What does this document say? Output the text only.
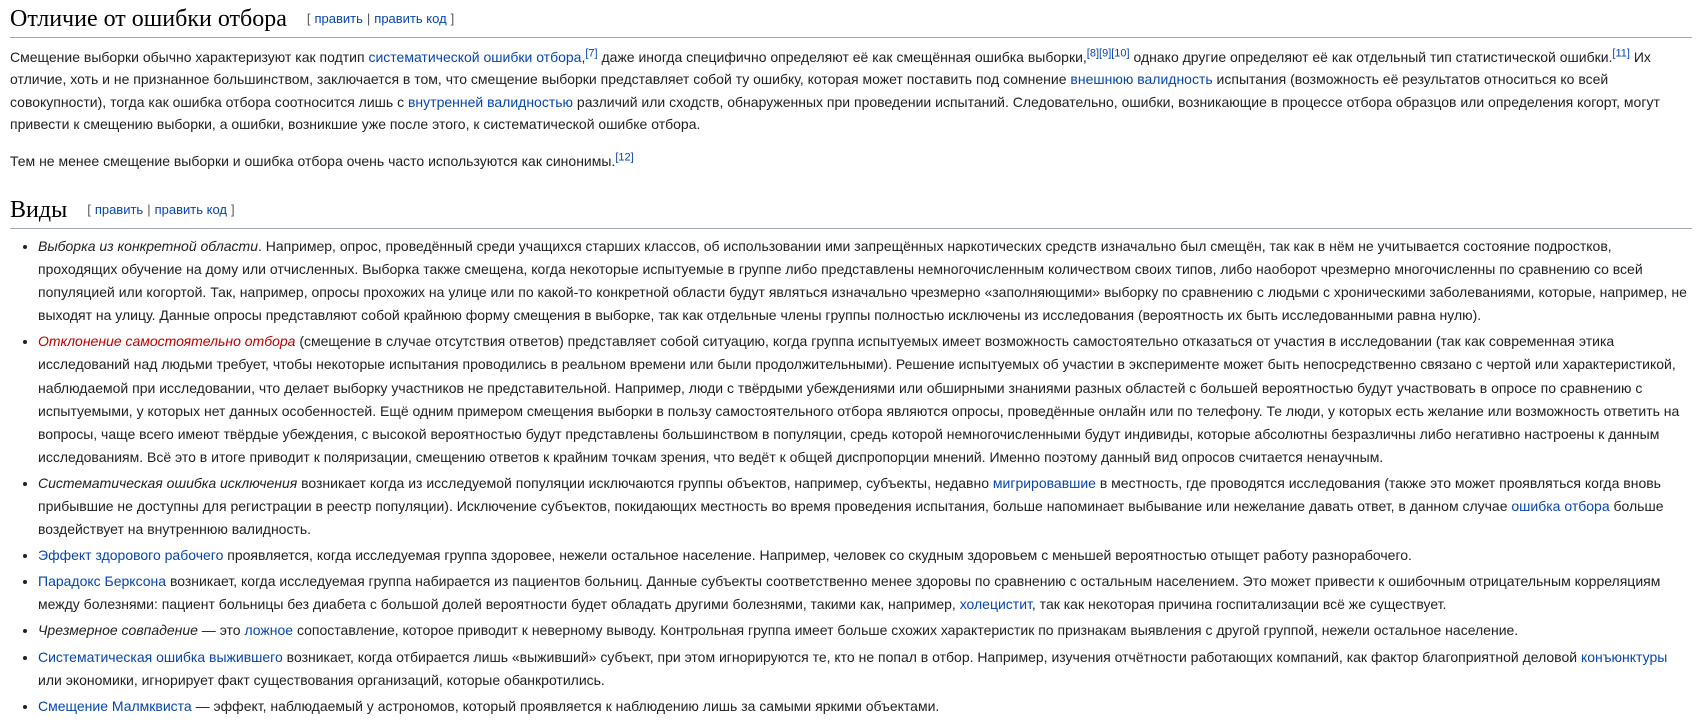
Отличие от ошибки отбора [ править | править код ]

Смещение выборки обычно характеризуют как подтип систематической ошибки отбора,[7] даже иногда специфично определяют её как смещённая ошибка выборки,[8][9][10] однако другие определяют её как отдельный тип статистической ошибки.[11] Их отличие, хоть и не признанное большинством, заключается в том, что смещение выборки представляет собой ту ошибку, которая может поставить под сомнение внешнюю валидность испытания (возможность её результатов относиться ко всей совокупности), тогда как ошибка отбора соотносится лишь с внутренней валидностью различий или сходств, обнаруженных при проведении испытаний. Следовательно, ошибки, возникающие в процессе отбора образцов или определения когорт, могут привести к смещению выборки, а ошибки, возникшие уже после этого, к систематической ошибке отбора.

Тем не менее смещение выборки и ошибка отбора очень часто используются как синонимы.[12]

Виды [ править | править код ]
• Выборка из конкретной области. Например, опрос, проведённый среди учащихся старших классов, об использовании ими запрещённых наркотических средств изначально был смещён, так как в нём не учитывается состояние подростков, проходящих обучение на дому или отчисленных. Выборка также смещена, когда некоторые испытуемые в группе либо представлены немногочисленным количеством своих типов, либо наоборот чрезмерно многочисленны по сравнению со всей популяцией или когортой. Так, например, опросы прохожих на улице или по какой-то конкретной области будут являться изначально чрезмерно «заполняющими» выборку по сравнению с людьми с хроническими заболеваниями, которые, например, не выходят на улицу. Данные опросы представляют собой крайнюю форму смещения в выборке, так как отдельные члены группы полностью исключены из исследования (вероятность их быть исследованными равна нулю).
• Отклонение самостоятельно отбора (смещение в случае отсутствия ответов) представляет собой ситуацию, когда группа испытуемых имеет возможность самостоятельно отказаться от участия в исследовании (так как современная этика исследований над людьми требует, чтобы некоторые испытания проводились в реальном времени или были продолжительными). Решение испытуемых об участии в эксперименте может быть непосредственно связано с чертой или характеристикой, наблюдаемой при исследовании, что делает выборку участников не представительной. Например, люди с твёрдыми убеждениями или обширными знаниями разных областей с большей вероятностью будут участвовать в опросе по сравнению с испытуемыми, у которых нет данных особенностей. Ещё одним примером смещения выборки в пользу самостоятельного отбора являются опросы, проведённые онлайн или по телефону. Те люди, у которых есть желание или возможность ответить на вопросы, чаще всего имеют твёрдые убеждения, с высокой вероятностью будут представлены большинством в популяции, средь которой немногочисленными будут индивиды, которые абсолютны безразличны либо негативно настроены к данным исследованиям. Всё это в итоге приводит к поляризации, смещению ответов к крайним точкам зрения, что ведёт к общей диспропорции мнений. Именно поэтому данный вид опросов считается ненаучным.
• Систематическая ошибка исключения возникает когда из исследуемой популяции исключаются группы объектов, например, субъекты, недавно мигрировавшие в местность, где проводятся исследования (также это может проявляться когда вновь прибывшие не доступны для регистрации в реестр популяции). Исключение субъектов, покидающих местность во время проведения испытания, больше напоминает выбывание или нежелание давать ответ, в данном случае ошибка отбора больше воздействует на внутреннюю валидность.
• Эффект здорового рабочего проявляется, когда исследуемая группа здоровее, нежели остальное население. Например, человек со скудным здоровьем с меньшей вероятностью отыщет работу разнорабочего.
• Парадокс Берксона возникает, когда исследуемая группа набирается из пациентов больниц. Данные субъекты соответственно менее здоровы по сравнению с остальным населением. Это может привести к ошибочным отрицательным корреляциям между болезнями: пациент больницы без диабета с большой долей вероятности будет обладать другими болезнями, такими как, например, холецистит, так как некоторая причина госпитализации всё же существует.
• Чрезмерное совпадение — это ложное сопоставление, которое приводит к неверному выводу. Контрольная группа имеет больше схожих характеристик по признакам выявления с другой группой, нежели остальное население.
• Систематическая ошибка выжившего возникает, когда отбирается лишь «выживший» субъект, при этом игнорируются те, кто не попал в отбор. Например, изучения отчётности работающих компаний, как фактор благоприятной деловой конъюнктуры или экономики, игнорирует факт существования организаций, которые обанкротились.
• Смещение Малмквиста — эффект, наблюдаемый у астрономов, который проявляется к наблюдению лишь за самыми яркими объектами.
